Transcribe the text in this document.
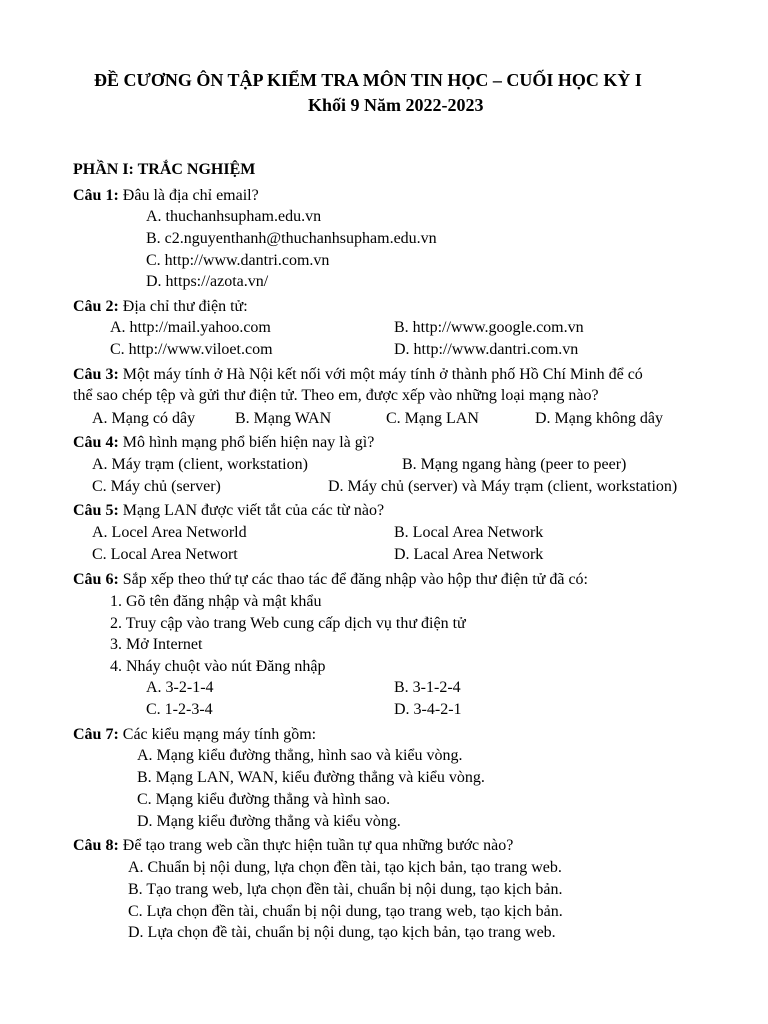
ĐỀ CƯƠNG ÔN TẬP KIỂM TRA MÔN TIN HỌC – CUỐI HỌC KỲ I
Khối 9 Năm 2022-2023
PHẦN I: TRẮC NGHIỆM
Câu 1: Đâu là địa chỉ email?
A. thuchanhsupham.edu.vn
B. c2.nguyenthanh@thuchanhsupham.edu.vn
C. http://www.dantri.com.vn
D. https://azota.vn/
Câu 2: Địa chỉ thư điện tử:
A. http://mail.yahoo.com	B. http://www.google.com.vn
C. http://www.viloet.com	D. http://www.dantri.com.vn
Câu 3: Một máy tính ở Hà Nội kết nối với một máy tính ở thành phố Hồ Chí Minh để có
thể sao chép tệp và gửi thư điện tử. Theo em, được xếp vào những loại mạng nào?
A. Mạng có dây B. Mạng WAN	C. Mạng LAN	D. Mạng không dây
Câu 4: Mô hình mạng phổ biến hiện nay là gì?
A. Máy trạm (client, workstation)	B. Mạng ngang hàng (peer to peer)
C. Máy chủ (server)	D. Máy chủ (server) và Máy trạm (client, workstation)
Câu 5: Mạng LAN được viết tắt của các từ nào?
A. Locel Area Networld	B. Local Area Network
C. Local Area Networt	D. Lacal Area Network
Câu 6: Sắp xếp theo thứ tự các thao tác để đăng nhập vào hộp thư điện tử đã có:
1. Gõ tên đăng nhập và mật khẩu
2. Truy cập vào trang Web cung cấp dịch vụ thư điện tử
3. Mở Internet
4. Nháy chuột vào nút Đăng nhập
A. 3-2-1-4	B. 3-1-2-4
C. 1-2-3-4	D. 3-4-2-1
Câu 7: Các kiểu mạng máy tính gồm:
A. Mạng kiểu đường thẳng, hình sao và kiểu vòng.
B. Mạng LAN, WAN, kiểu đường thẳng và kiểu vòng.
C. Mạng kiểu đường thẳng và hình sao.
D. Mạng kiểu đường thẳng và kiểu vòng.
Câu 8: Để tạo trang web cần thực hiện tuần tự qua những bước nào?
A. Chuẩn bị nội dung, lựa chọn đền tài, tạo kịch bản, tạo trang web.
B. Tạo trang web, lựa chọn đền tài, chuẩn bị nội dung, tạo kịch bản.
C. Lựa chọn đền tài, chuẩn bị nội dung, tạo trang web, tạo kịch bản.
D. Lựa chọn đề tài, chuẩn bị nội dung, tạo kịch bản, tạo trang web.
